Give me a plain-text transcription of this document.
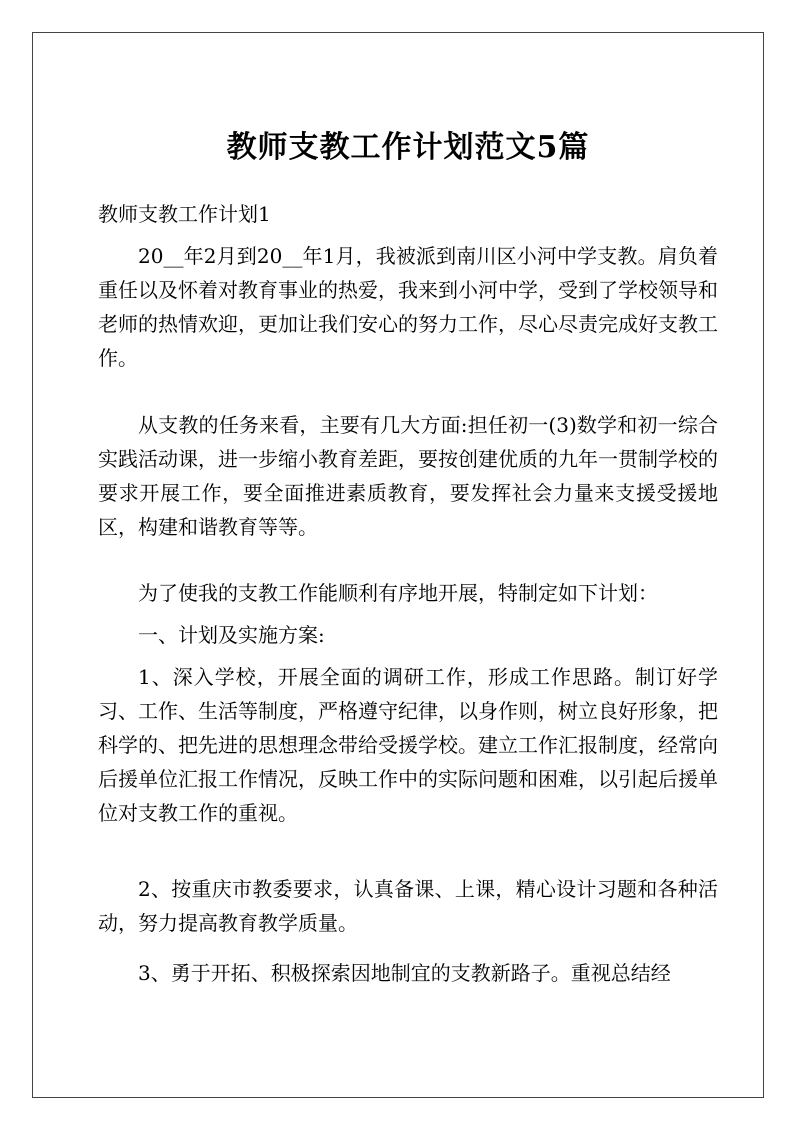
教师支教工作计划范文5篇
教师支教工作计划1

20__年2月到20__年1月，我被派到南川区小河中学支教。肩负着重任以及怀着对教育事业的热爱，我来到小河中学，受到了学校领导和老师的热情欢迎，更加让我们安心的努力工作，尽心尽责完成好支教工作。

从支教的任务来看，主要有几大方面:担任初一(3)数学和初一综合实践活动课，进一步缩小教育差距，要按创建优质的九年一贯制学校的要求开展工作，要全面推进素质教育，要发挥社会力量来支援受援地区，构建和谐教育等等。

为了使我的支教工作能顺利有序地开展，特制定如下计划：

一、计划及实施方案:

1、深入学校，开展全面的调研工作，形成工作思路。制订好学习、工作、生活等制度，严格遵守纪律，以身作则，树立良好形象，把科学的、把先进的思想理念带给受援学校。建立工作汇报制度，经常向后援单位汇报工作情况，反映工作中的实际问题和困难，以引起后援单位对支教工作的重视。

2、按重庆市教委要求，认真备课、上课，精心设计习题和各种活动，努力提高教育教学质量。

3、勇于开拓、积极探索因地制宜的支教新路子。重视总结经
